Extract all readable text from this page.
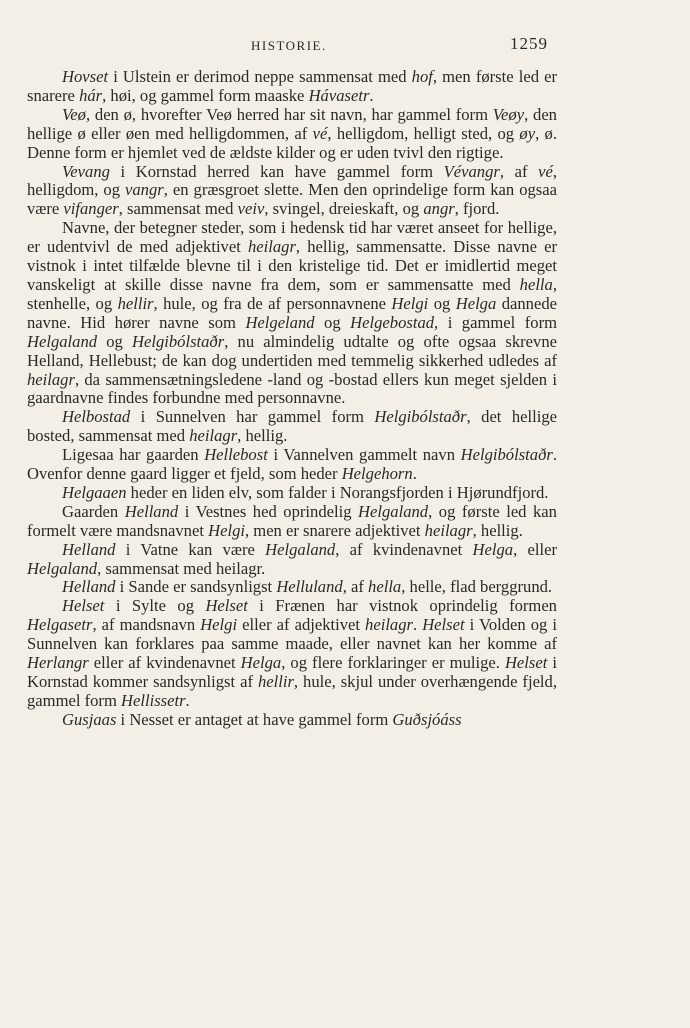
HISTORIE.	1259

Hovset i Ulstein er derimod neppe sammensat med hof, men første led er snarere hár, høi, og gammel form maaske Hávasetr.

Veø, den ø, hvorefter Veø herred har sit navn, har gammel form Veøy, den hellige ø eller øen med helligdommen, af vé, helligdom, helligt sted, og øy, ø. Denne form er hjemlet ved de ældste kilder og er uden tvivl den rigtige.

Vevang i Kornstad herred kan have gammel form Vévangr, af vé, helligdom, og vangr, en græsgroet slette. Men den oprindelige form kan ogsaa være vifanger, sammensat med veiv, svingel, dreieskaft, og angr, fjord.

Navne, der betegner steder, som i hedensk tid har været anseet for hellige, er udentvivl de med adjektivet heilagr, hellig, sammensatte. Disse navne er vistnok i intet tilfælde blevne til i den kristelige tid. Det er imidlertid meget vanskeligt at skille disse navne fra dem, som er sammensatte med hella, stenhelle, og hellir, hule, og fra de af personnavnene Helgi og Helga dannede navne. Hid hører navne som Helgeland og Helgebostad, i gammel form Helgaland og Helgibólstaðr, nu almindelig udtalte og ofte ogsaa skrevne Helland, Hellebust; de kan dog undertiden med temmelig sikkerhed udledes af heilagr, da sammensætningsledene -land og -bostad ellers kun meget sjelden i gaardnavne findes forbundne med personnavne.

Helbostad i Sunnelven har gammel form Helgibólstaðr, det hellige bosted, sammensat med heilagr, hellig.

Ligesaa har gaarden Hellebost i Vannelven gammelt navn Helgibólstaðr. Ovenfor denne gaard ligger et fjeld, som heder Helgehorn.

Helgaaen heder en liden elv, som falder i Norangsfjorden i Hjørundfjord.

Gaarden Helland i Vestnes hed oprindelig Helgaland, og første led kan formelt være mandsnavnet Helgi, men er snarere adjektivet heilagr, hellig.

Helland i Vatne kan være Helgaland, af kvindenavnet Helga, eller Helgaland, sammensat med heilagr.

Helland i Sande er sandsynligst Helluland, af hella, helle, flad berggrund.

Helset i Sylte og Helset i Frænen har vistnok oprindelig formen Helgasetr, af mandsnavn Helgi eller af adjektivet heilagr. Helset i Volden og i Sunnelven kan forklares paa samme maade, eller navnet kan her komme af Herlangr eller af kvindenavnet Helga, og flere forklaringer er mulige. Helset i Kornstad kommer sandsynligst af hellir, hule, skjul under overhængende fjeld, gammel form Hellissetr.

Gusjaas i Nesset er antaget at have gammel form Guðsjóáss
